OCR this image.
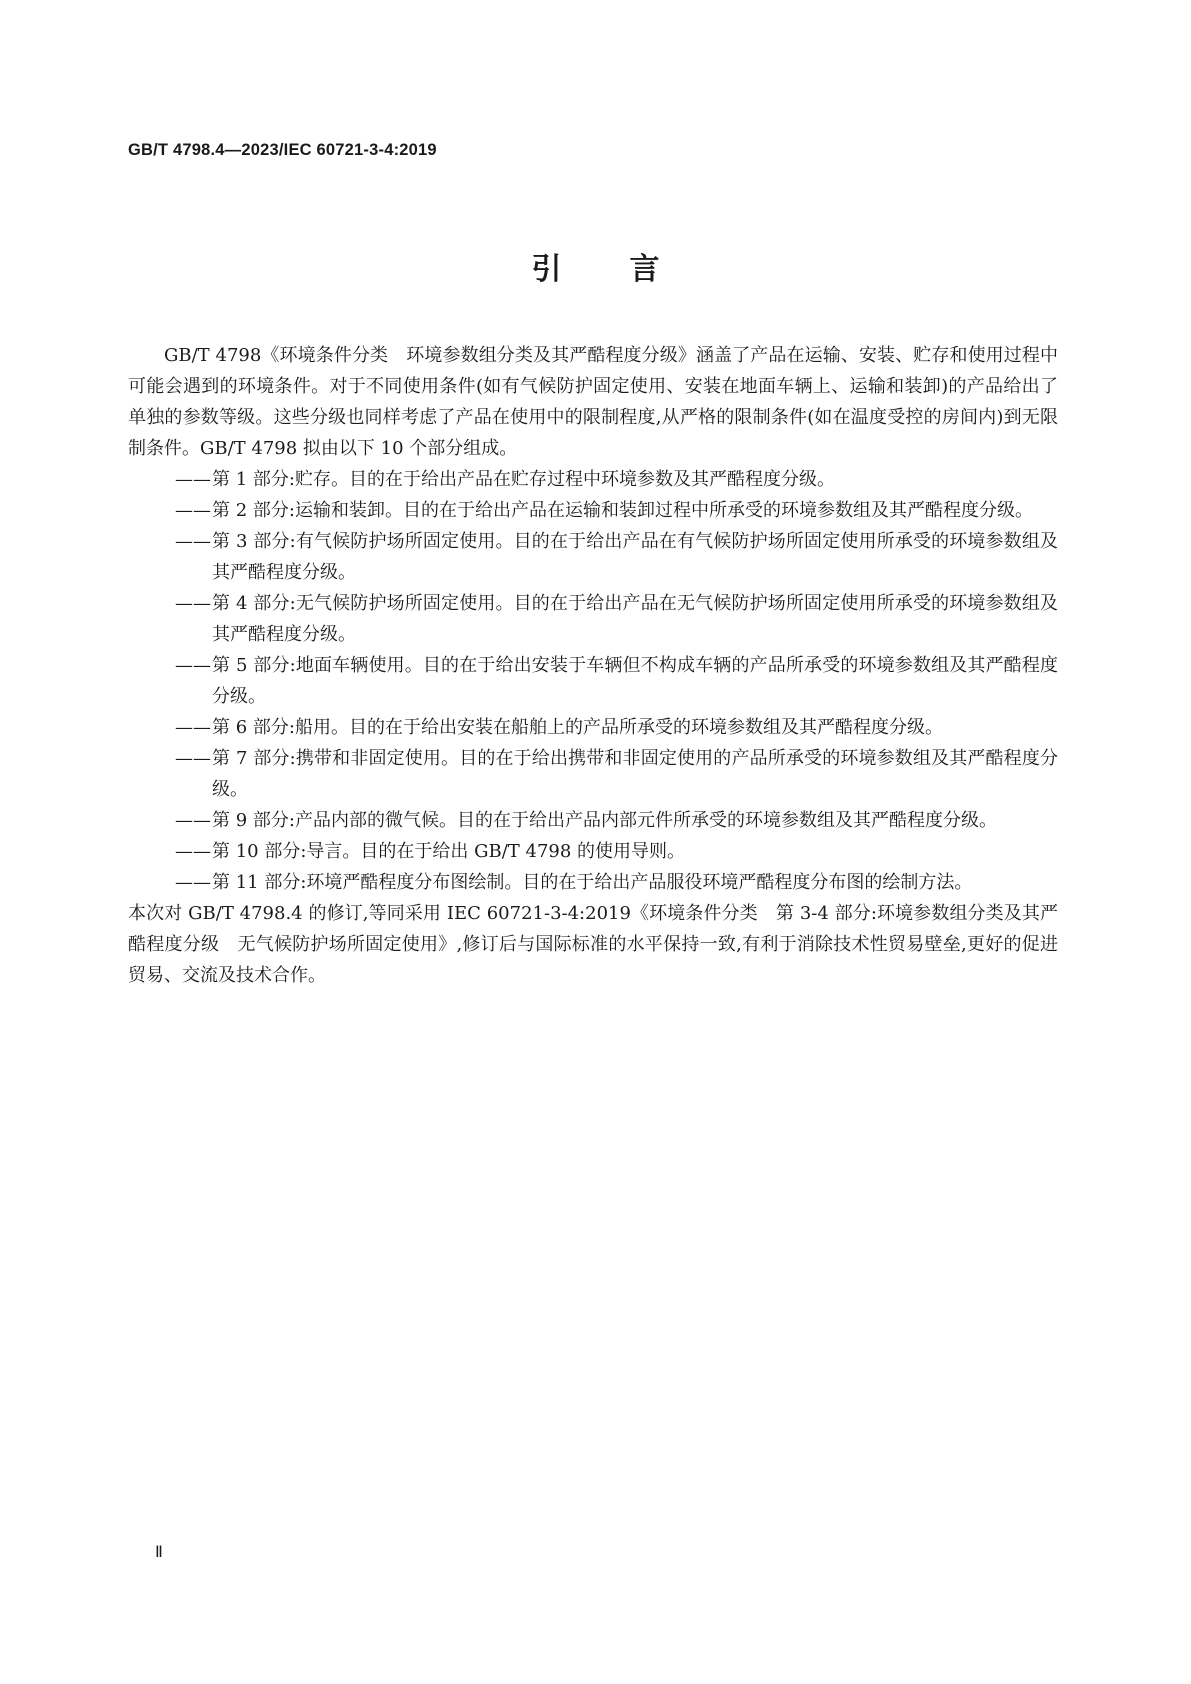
GB/T 4798.4—2023/IEC 60721-3-4:2019
引 言

GB/T 4798《环境条件分类　环境参数组分类及其严酷程度分级》涵盖了产品在运输、安装、贮存和使用过程中可能会遇到的环境条件。对于不同使用条件(如有气候防护固定使用、安装在地面车辆上、运输和装卸)的产品给出了单独的参数等级。这些分级也同样考虑了产品在使用中的限制程度,从严格的限制条件(如在温度受控的房间内)到无限制条件。GB/T 4798 拟由以下 10 个部分组成。

—— 第 1 部分:贮存。目的在于给出产品在贮存过程中环境参数及其严酷程度分级。

—— 第 2 部分:运输和装卸。目的在于给出产品在运输和装卸过程中所承受的环境参数组及其严酷程度分级。

—— 第 3 部分:有气候防护场所固定使用。目的在于给出产品在有气候防护场所固定使用所承受的环境参数组及其严酷程度分级。

—— 第 4 部分:无气候防护场所固定使用。目的在于给出产品在无气候防护场所固定使用所承受的环境参数组及其严酷程度分级。

—— 第 5 部分:地面车辆使用。目的在于给出安装于车辆但不构成车辆的产品所承受的环境参数组及其严酷程度分级。

—— 第 6 部分:船用。目的在于给出安装在船舶上的产品所承受的环境参数组及其严酷程度分级。

—— 第 7 部分:携带和非固定使用。目的在于给出携带和非固定使用的产品所承受的环境参数组及其严酷程度分级。

—— 第 9 部分:产品内部的微气候。目的在于给出产品内部元件所承受的环境参数组及其严酷程度分级。

—— 第 10 部分:导言。目的在于给出 GB/T 4798 的使用导则。

—— 第 11 部分:环境严酷程度分布图绘制。目的在于给出产品服役环境严酷程度分布图的绘制方法。

本次对 GB/T 4798.4 的修订,等同采用 IEC 60721-3-4:2019《环境条件分类　第 3-4 部分:环境参数组分类及其严酷程度分级　无气候防护场所固定使用》,修订后与国际标准的水平保持一致,有利于消除技术性贸易壁垒,更好的促进贸易、交流及技术合作。

Ⅱ
